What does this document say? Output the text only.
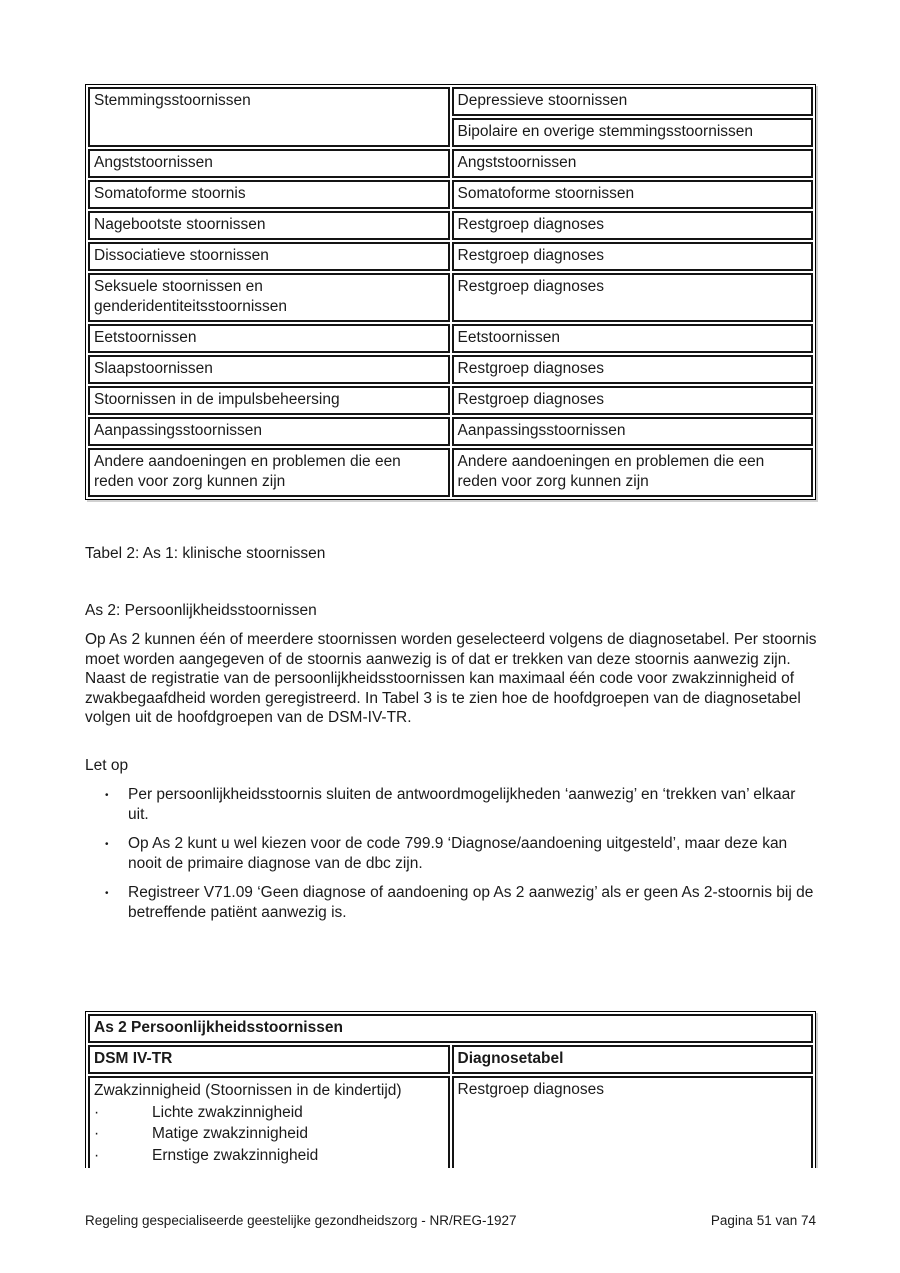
Stemmingsstoornissen	Depressieve stoornissen
	Bipolaire en overige stemmingsstoornissen
Angststoornissen	Angststoornissen
Somatoforme stoornis	Somatoforme stoornissen
Nagebootste stoornissen	Restgroep diagnoses
Dissociatieve stoornissen	Restgroep diagnoses
Seksuele stoornissen en genderidentiteitsstoornissen	Restgroep diagnoses
Eetstoornissen	Eetstoornissen
Slaapstoornissen	Restgroep diagnoses
Stoornissen in de impulsbeheersing	Restgroep diagnoses
Aanpassingsstoornissen	Aanpassingsstoornissen
Andere aandoeningen en problemen die een reden voor zorg kunnen zijn	Andere aandoeningen en problemen die een reden voor zorg kunnen zijn
Tabel 2: As 1: klinische stoornissen
As 2: Persoonlijkheidsstoornissen
Op As 2 kunnen één of meerdere stoornissen worden geselecteerd volgens de diagnosetabel. Per stoornis moet worden aangegeven of de stoornis aanwezig is of dat er trekken van deze stoornis aanwezig zijn. Naast de registratie van de persoonlijkheidsstoornissen kan maximaal één code voor zwakzinnigheid of zwakbegaafdheid worden geregistreerd. In Tabel 3 is te zien hoe de hoofdgroepen van de diagnosetabel volgen uit de hoofdgroepen van de DSM-IV-TR.
Let op
•	Per persoonlijkheidsstoornis sluiten de antwoordmogelijkheden ‘aanwezig’ en ‘trekken van’ elkaar uit.
•	Op As 2 kunt u wel kiezen voor de code 799.9 ‘Diagnose/aandoening uitgesteld’, maar deze kan nooit de primaire diagnose van de dbc zijn.
•	Registreer V71.09 ‘Geen diagnose of aandoening op As 2 aanwezig’ als er geen As 2-stoornis bij de betreffende patiënt aanwezig is.
As 2 Persoonlijkheidsstoornissen	
DSM IV-TR	Diagnosetabel

Zwakzinnigheid (Stoornissen in de kindertijd)
·	Lichte zwakzinnigheid
·	Matige zwakzinnigheid
·	Ernstige zwakzinnigheid
	Restgroep diagnoses
Regeling gespecialiseerde geestelijke gezondheidszorg - NR/REG-1927	Pagina 51 van 74
